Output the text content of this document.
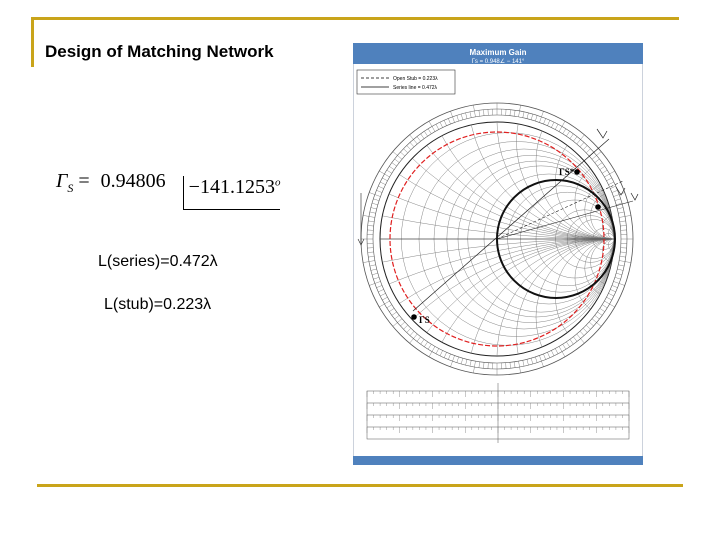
Design of Matching Network
$\Gamma_S = 0.94806 -141.1253^o$
L(series)=0.472λ
L(stub)=0.223λ
Maximum Gain
Γs = 0.948∠ − 141°
Open Stub = 0.223λ
Series line = 0.472λ
ΓS*
ΓS
